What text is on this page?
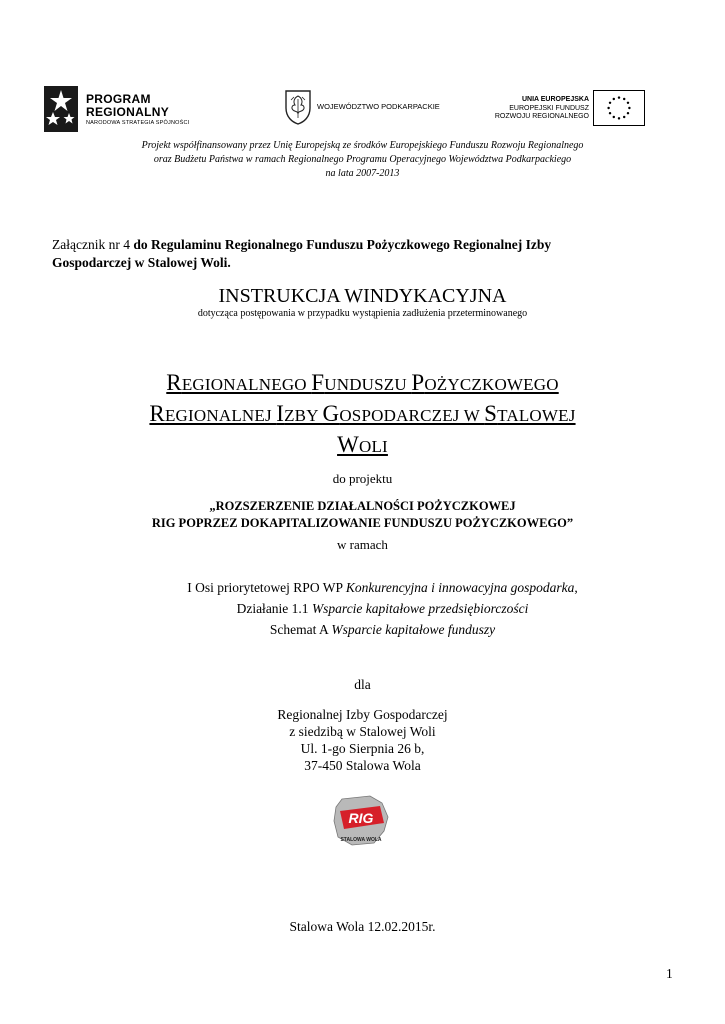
PROGRAM
REGIONALNY
NARODOWA STRATEGIA SPÓJNOŚCI
WOJEWÓDZTWO PODKARPACKIE
UNIA EUROPEJSKA
EUROPEJSKI FUNDUSZ
ROZWOJU REGIONALNEGO
Projekt współfinansowany przez Unię Europejską ze środków Europejskiego Funduszu Rozwoju Regionalnego
oraz Budżetu Państwa w ramach Regionalnego Programu Operacyjnego Województwa Podkarpackiego
na lata 2007-2013
Załącznik nr 4 do Regulaminu Regionalnego Funduszu Pożyczkowego Regionalnej Izby
Gospodarczej w Stalowej Woli.
INSTRUKCJA WINDYKACYJNA
dotycząca postępowania w przypadku wystąpienia zadłużenia przeterminowanego
REGIONALNEGO FUNDUSZU POŻYCZKOWEGO
REGIONALNEJ IZBY GOSPODARCZEJ W STALOWEJ
WOLI
do projektu
„ROZSZERZENIE DZIAŁALNOŚCI POŻYCZKOWEJ
RIG POPRZEZ DOKAPITALIZOWANIE FUNDUSZU POŻYCZKOWEGO”
w ramach
I Osi priorytetowej RPO WP Konkurencyjna i innowacyjna gospodarka,
Działanie 1.1 Wsparcie kapitałowe przedsiębiorczości
Schemat A Wsparcie kapitałowe funduszy
dla
Regionalnej Izby Gospodarczej
z siedzibą w Stalowej Woli
Ul. 1-go Sierpnia 26 b,
37-450 Stalowa Wola
RIG
STALOWA WOLA
Stalowa Wola 12.02.2015r.
1
